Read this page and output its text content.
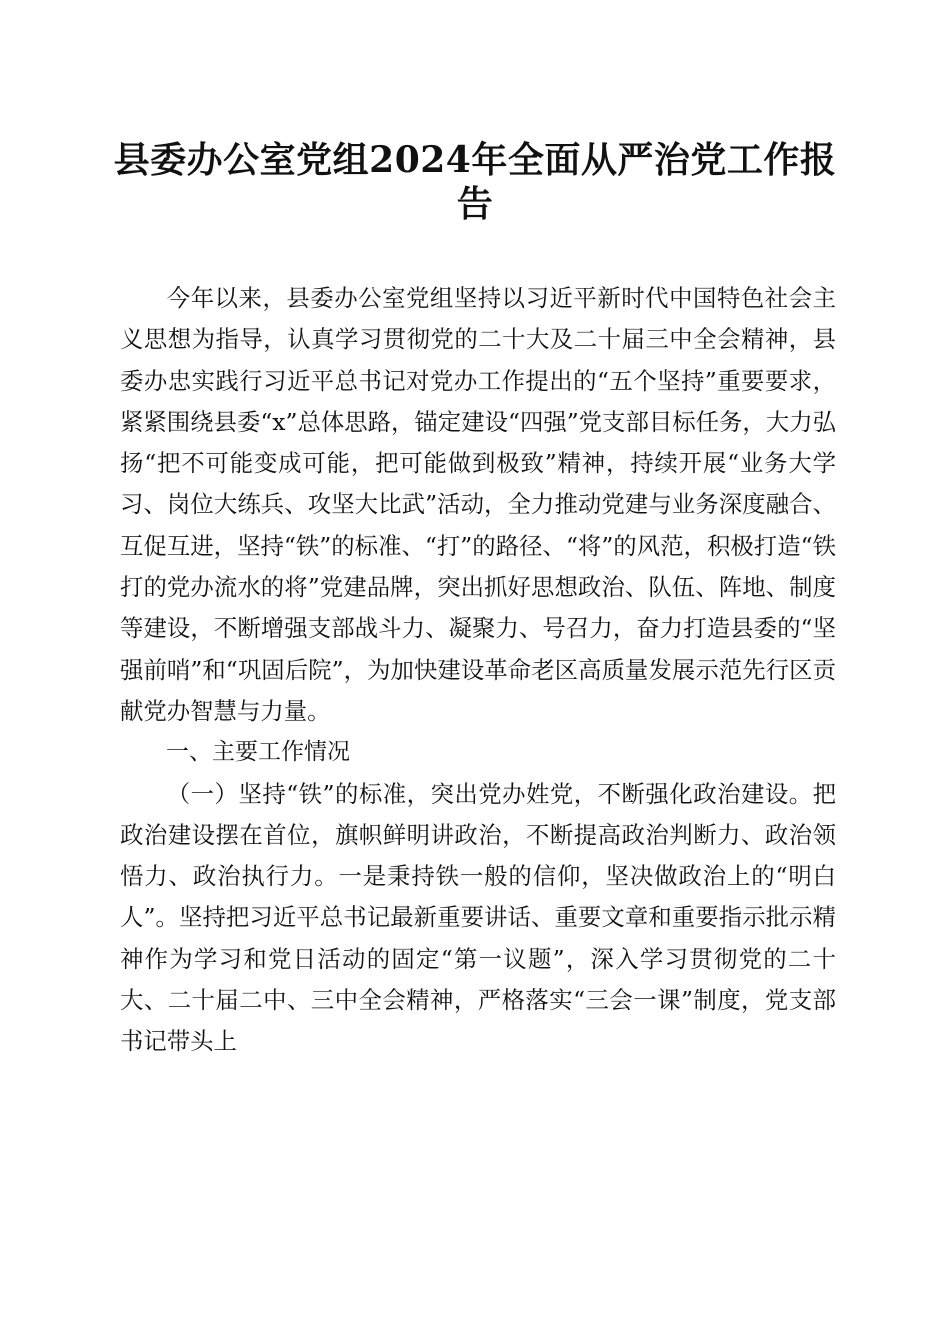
县委办公室党组2024年全面从严治党工作报告

今年以来，县委办公室党组坚持以习近平新时代中国特色社会主义思想为指导，认真学习贯彻党的二十大及二十届三中全会精神，县委办忠实践行习近平总书记对党办工作提出的“五个坚持”重要要求，紧紧围绕县委“x”总体思路，锚定建设“四强”党支部目标任务，大力弘扬“把不可能变成可能，把可能做到极致”精神，持续开展“业务大学习、岗位大练兵、攻坚大比武”活动，全力推动党建与业务深度融合、互促互进，坚持“铁”的标准、“打”的路径、“将”的风范，积极打造“铁打的党办流水的将”党建品牌，突出抓好思想政治、队伍、阵地、制度等建设，不断增强支部战斗力、凝聚力、号召力，奋力打造县委的“坚强前哨”和“巩固后院”，为加快建设革命老区高质量发展示范先行区贡献党办智慧与力量。

一、主要工作情况

（一）坚持“铁”的标准，突出党办姓党，不断强化政治建设。把政治建设摆在首位，旗帜鲜明讲政治，不断提高政治判断力、政治领悟力、政治执行力。一是秉持铁一般的信仰，坚决做政治上的“明白人”。坚持把习近平总书记最新重要讲话、重要文章和重要指示批示精神作为学习和党日活动的固定“第一议题”，深入学习贯彻党的二十大、二十届二中、三中全会精神，严格落实“三会一课”制度，党支部书记带头上
